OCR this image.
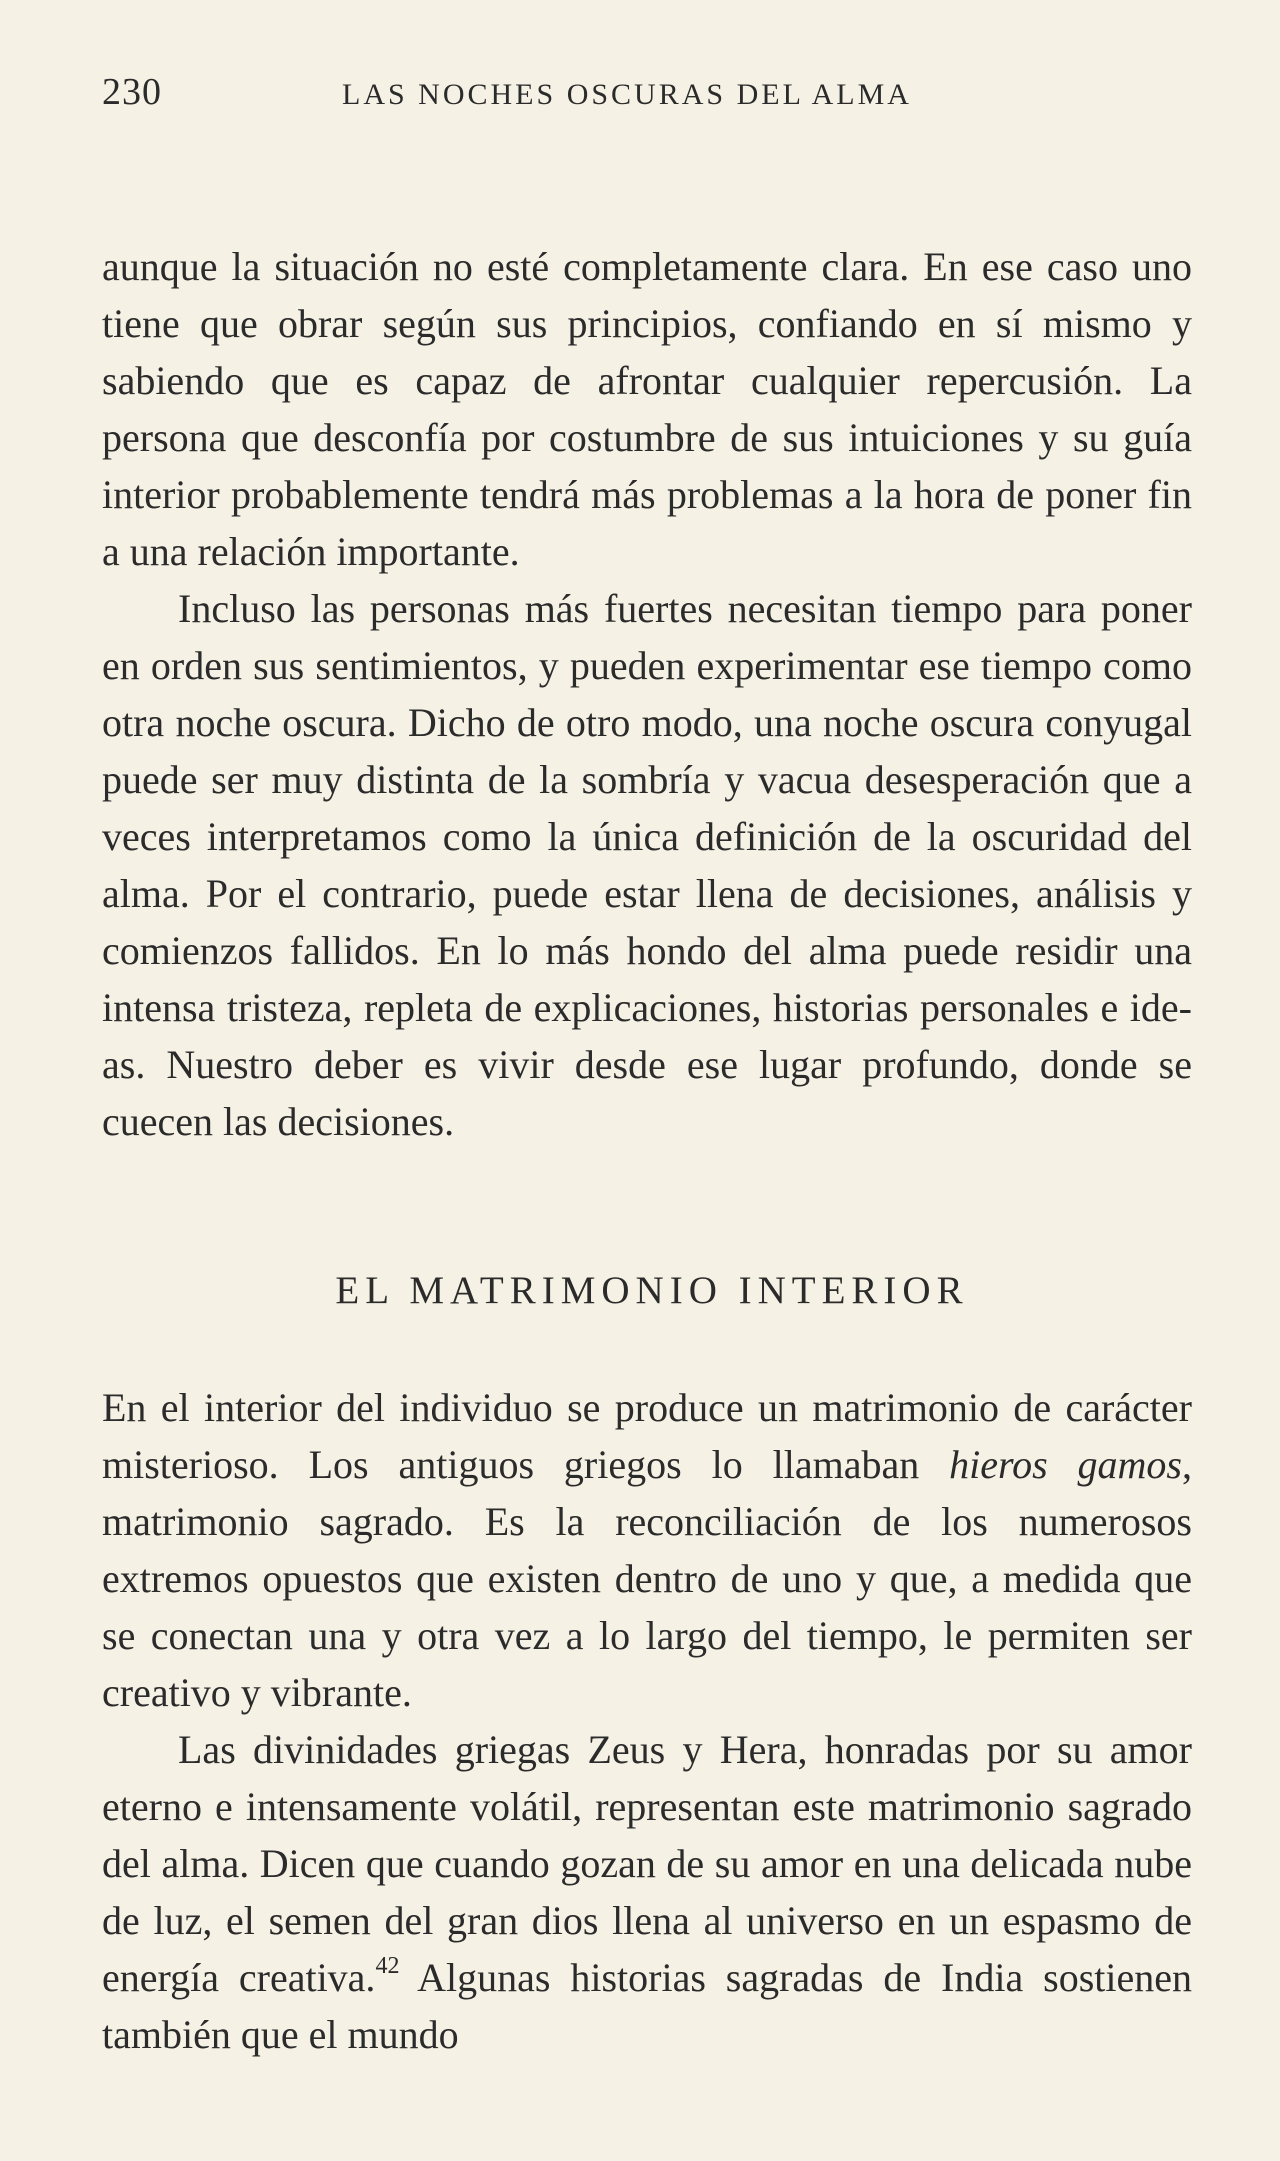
230	LAS NOCHES OSCURAS DEL ALMA

aunque la situación no esté completamente clara. En ese caso uno tiene que obrar según sus principios, confiando en sí mismo y sabiendo que es capaz de afrontar cualquier repercusión. La persona que desconfía por costumbre de sus intuiciones y su guía interior probablemente tendrá más problemas a la hora de poner fin a una relación importante.

Incluso las personas más fuertes necesitan tiempo para poner en orden sus sentimientos, y pueden experimentar ese tiempo como otra noche oscura. Dicho de otro modo, una noche oscura conyugal puede ser muy distinta de la sombría y vacua desesperación que a veces interpretamos como la única definición de la oscuridad del alma. Por el contrario, puede estar llena de decisiones, análisis y comienzos fallidos. En lo más hondo del alma puede residir una intensa tristeza, repleta de explicaciones, historias personales e ideas. Nuestro deber es vivir desde ese lugar profundo, donde se cuecen las decisiones.

EL MATRIMONIO INTERIOR

En el interior del individuo se produce un matrimonio de carácter misterioso. Los antiguos griegos lo llamaban hieros gamos, matrimonio sagrado. Es la reconciliación de los numerosos extremos opuestos que existen dentro de uno y que, a medida que se conectan una y otra vez a lo largo del tiempo, le permiten ser creativo y vibrante.

Las divinidades griegas Zeus y Hera, honradas por su amor eterno e intensamente volátil, representan este matrimonio sagrado del alma. Dicen que cuando gozan de su amor en una delicada nube de luz, el semen del gran dios llena al universo en un espasmo de energía creativa.$^{42}$ Algunas historias sagradas de India sostienen también que el mundo
